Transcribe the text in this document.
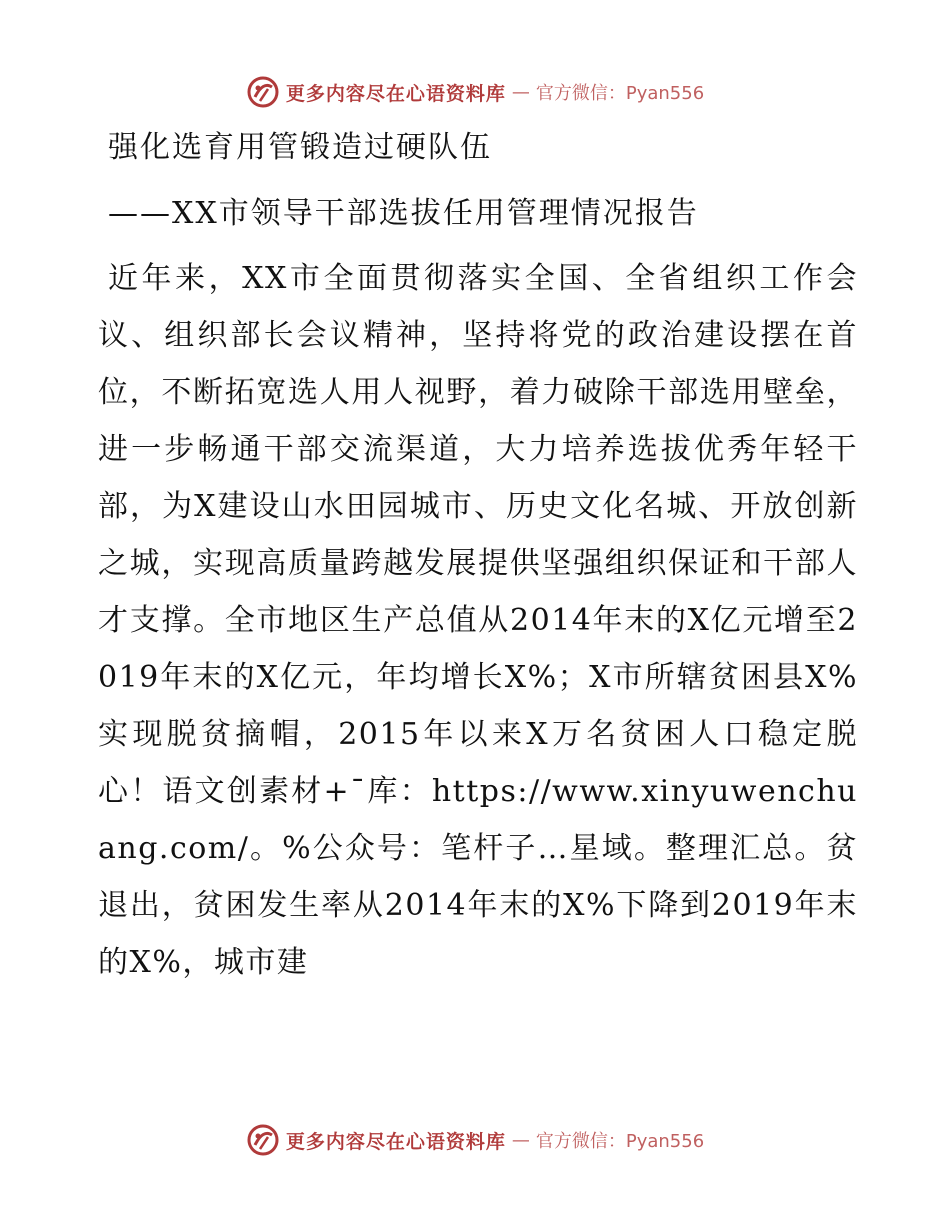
更多内容尽在心语资料库 — 官方微信：Pyan556
强化选育用管锻造过硬队伍
——XX市领导干部选拔任用管理情况报告

近年来，XX市全面贯彻落实全国、全省组织工作会议、组织部长会议精神，坚持将党的政治建设摆在首位，不断拓宽选人用人视野，着力破除干部选用壁垒，进一步畅通干部交流渠道，大力培养选拔优秀年轻干部，为X建设山水田园城市、历史文化名城、开放创新之城，实现高质量跨越发展提供坚强组织保证和干部人才支撑。全市地区生产总值从2014年末的X亿元增至2019年末的X亿元，年均增长X%；X市所辖贫困县X%实现脱贫摘帽，2015年以来X万名贫困人口稳定脱心！语文创素材+¯库：https://www.xinyuwenchuang.com/。%公众号：笔杆子…星域。整理汇总。贫退出，贫困发生率从2014年末的X%下降到2019年末的X%，城市建

更多内容尽在心语资料库 — 官方微信：Pyan556
